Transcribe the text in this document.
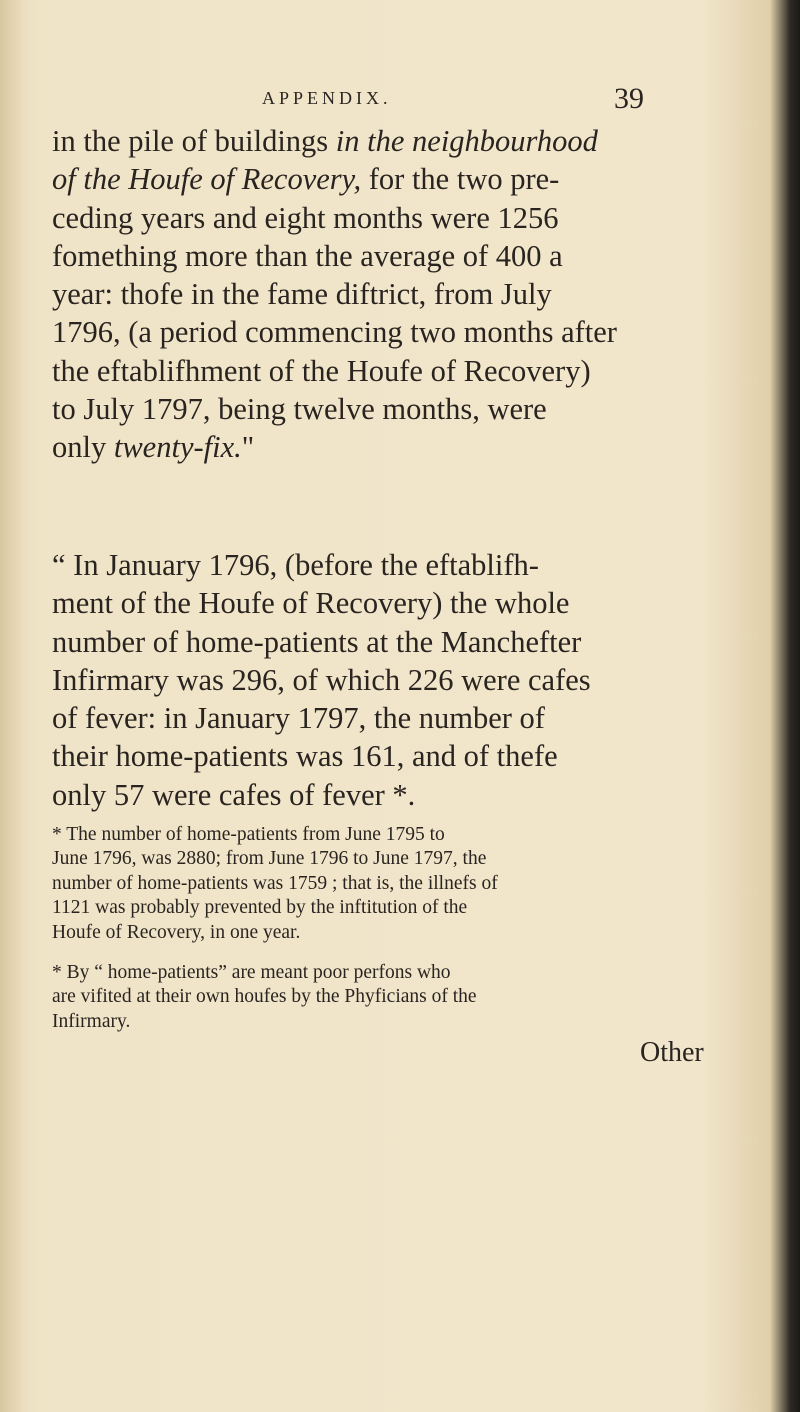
APPENDIX.	39
in the pile of buildings in the neighbourhood
of the Houfe of Recovery, for the two pre-
ceding years and eight months were 1256
fomething more than the average of 400 a
year: thofe in the fame diftrict, from July
1796, (a period commencing two months after
the eftablifhment of the Houfe of Recovery)
to July 1797, being twelve months, were
only twenty-fix."
“ In January 1796, (before the eftablifh-
ment of the Houfe of Recovery) the whole
number of home-patients at the Manchefter
Infirmary was 296, of which 226 were cafes
of fever: in January 1797, the number of
their home-patients was 161, and of thefe
only 57 were cafes of fever *.
* The number of home-patients from June 1795 to
June 1796, was 2880; from June 1796 to June 1797, the
number of home-patients was 1759 ; that is, the illnefs of
1121 was probably prevented by the inftitution of the
Houfe of Recovery, in one year.
* By “ home-patients” are meant poor perfons who
are vifited at their own houfes by the Phyficians of the
Infirmary.
Other
